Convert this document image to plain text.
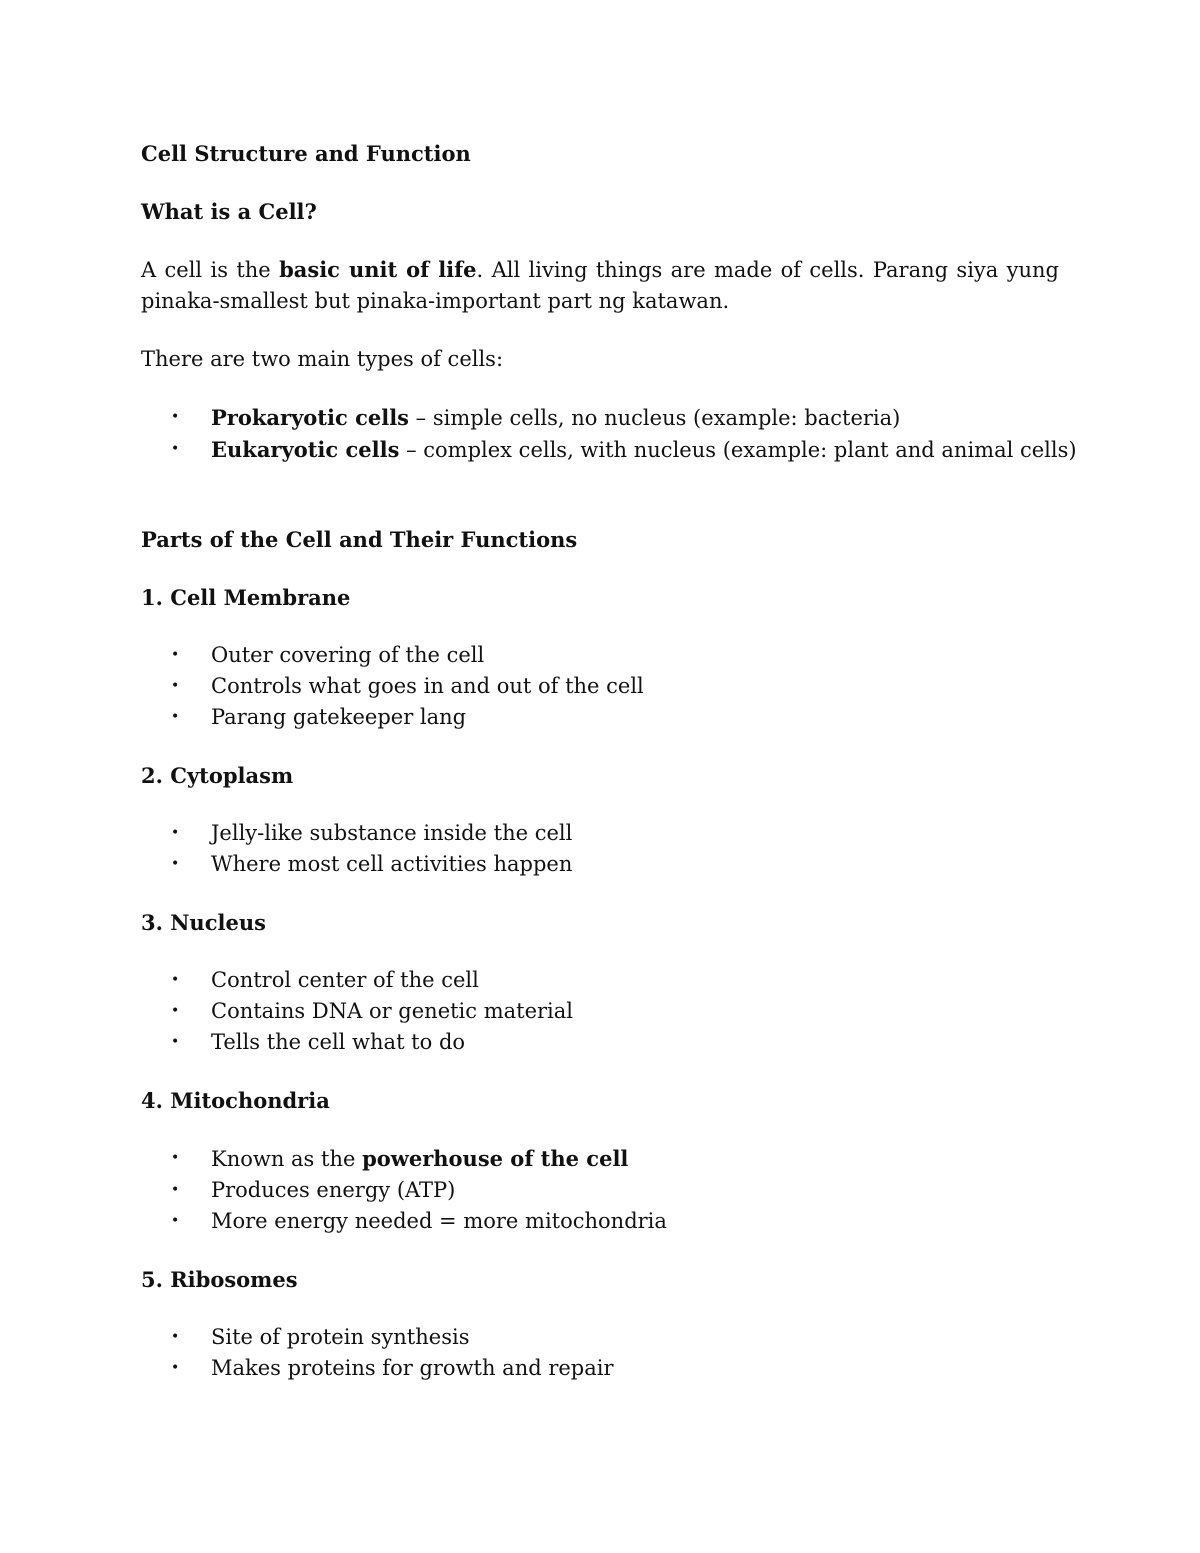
Cell Structure and Function

What is a Cell?

A cell is the basic unit of life. All living things are made of cells. Parang siya yung pinaka-smallest but pinaka-important part ng katawan.

There are two main types of cells:

• Prokaryotic cells – simple cells, no nucleus (example: bacteria)
• Eukaryotic cells – complex cells, with nucleus (example: plant and animal cells)

Parts of the Cell and Their Functions

1. Cell Membrane

• Outer covering of the cell
• Controls what goes in and out of the cell
• Parang gatekeeper lang

2. Cytoplasm

• Jelly-like substance inside the cell
• Where most cell activities happen

3. Nucleus

• Control center of the cell
• Contains DNA or genetic material
• Tells the cell what to do

4. Mitochondria

• Known as the powerhouse of the cell
• Produces energy (ATP)
• More energy needed = more mitochondria

5. Ribosomes

• Site of protein synthesis
• Makes proteins for growth and repair
